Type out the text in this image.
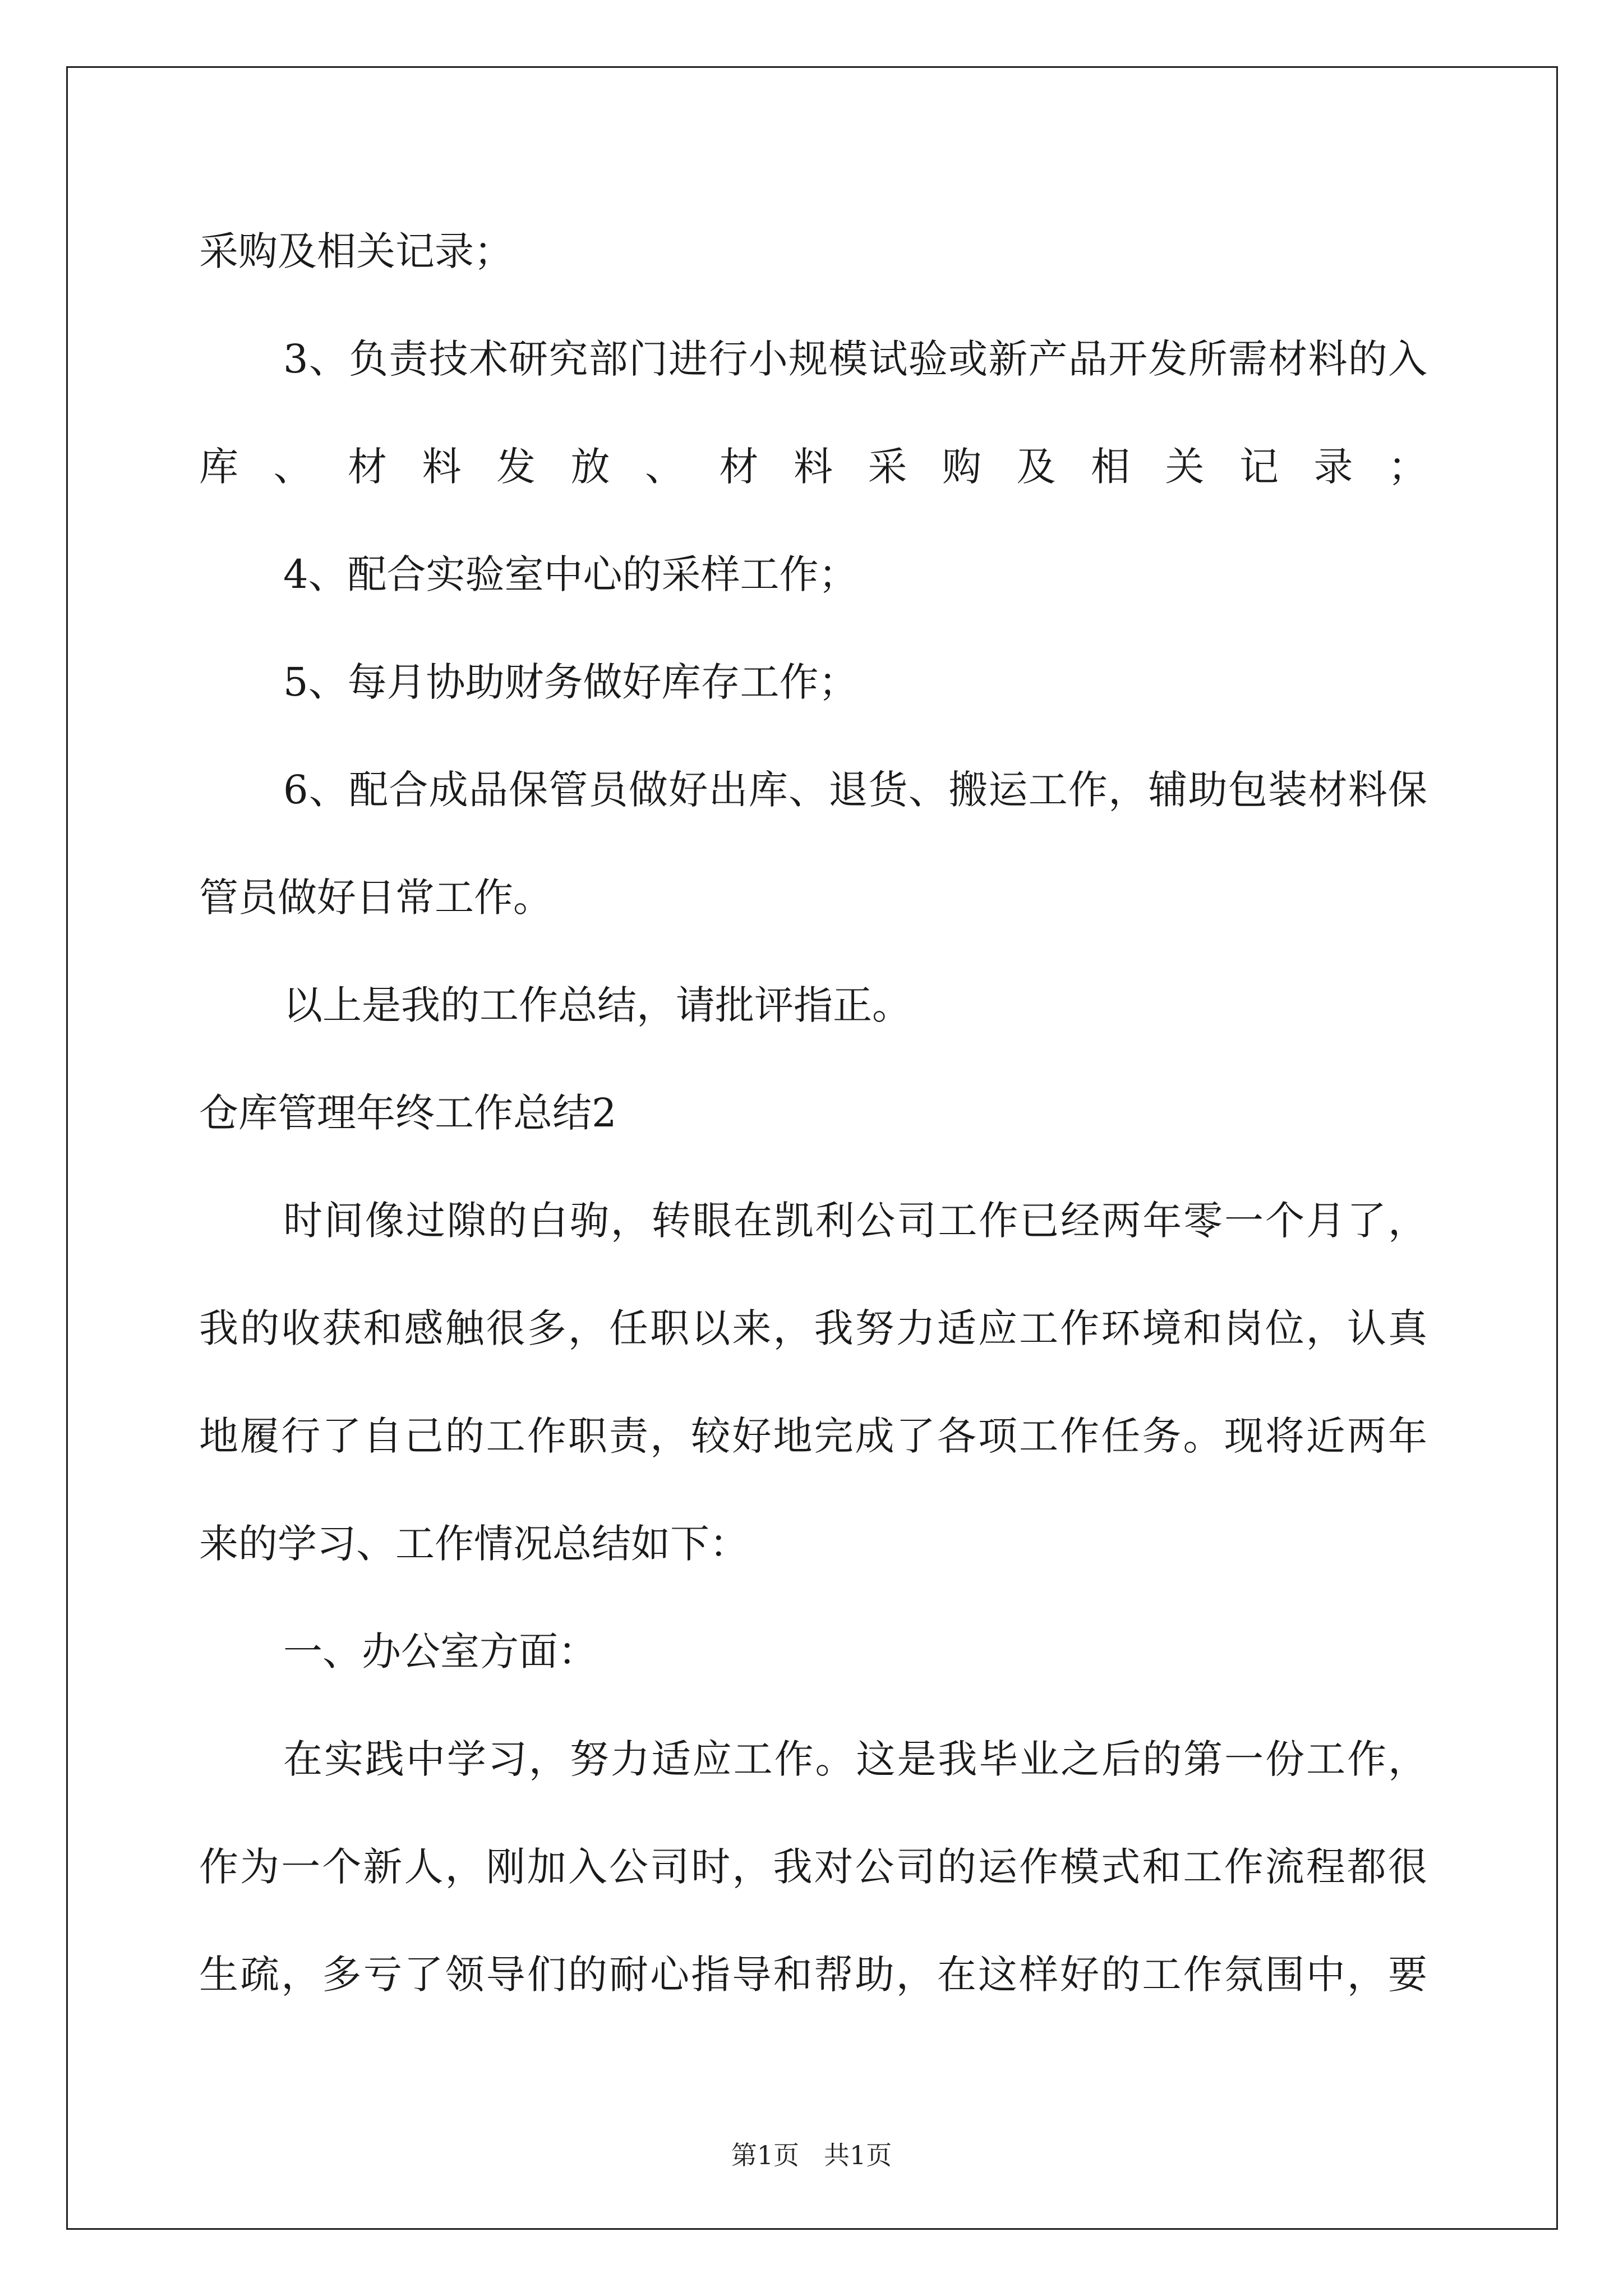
采购及相关记录；
3、负责技术研究部门进行小规模试验或新产品开发所需材料的入
库、材料发放、材料采购及相关记录；
4、配合实验室中心的采样工作；
5、每月协助财务做好库存工作；
6、配合成品保管员做好出库、退货、搬运工作，辅助包装材料保
管员做好日常工作。
以上是我的工作总结，请批评指正。
仓库管理年终工作总结2
时间像过隙的白驹，转眼在凯利公司工作已经两年零一个月了，
我的收获和感触很多，任职以来，我努力适应工作环境和岗位，认真
地履行了自己的工作职责，较好地完成了各项工作任务。现将近两年
来的学习、工作情况总结如下：
一、办公室方面：
在实践中学习，努力适应工作。这是我毕业之后的第一份工作，
作为一个新人，刚加入公司时，我对公司的运作模式和工作流程都很
生疏，多亏了领导们的耐心指导和帮助，在这样好的工作氛围中，要
第1页 共1页
